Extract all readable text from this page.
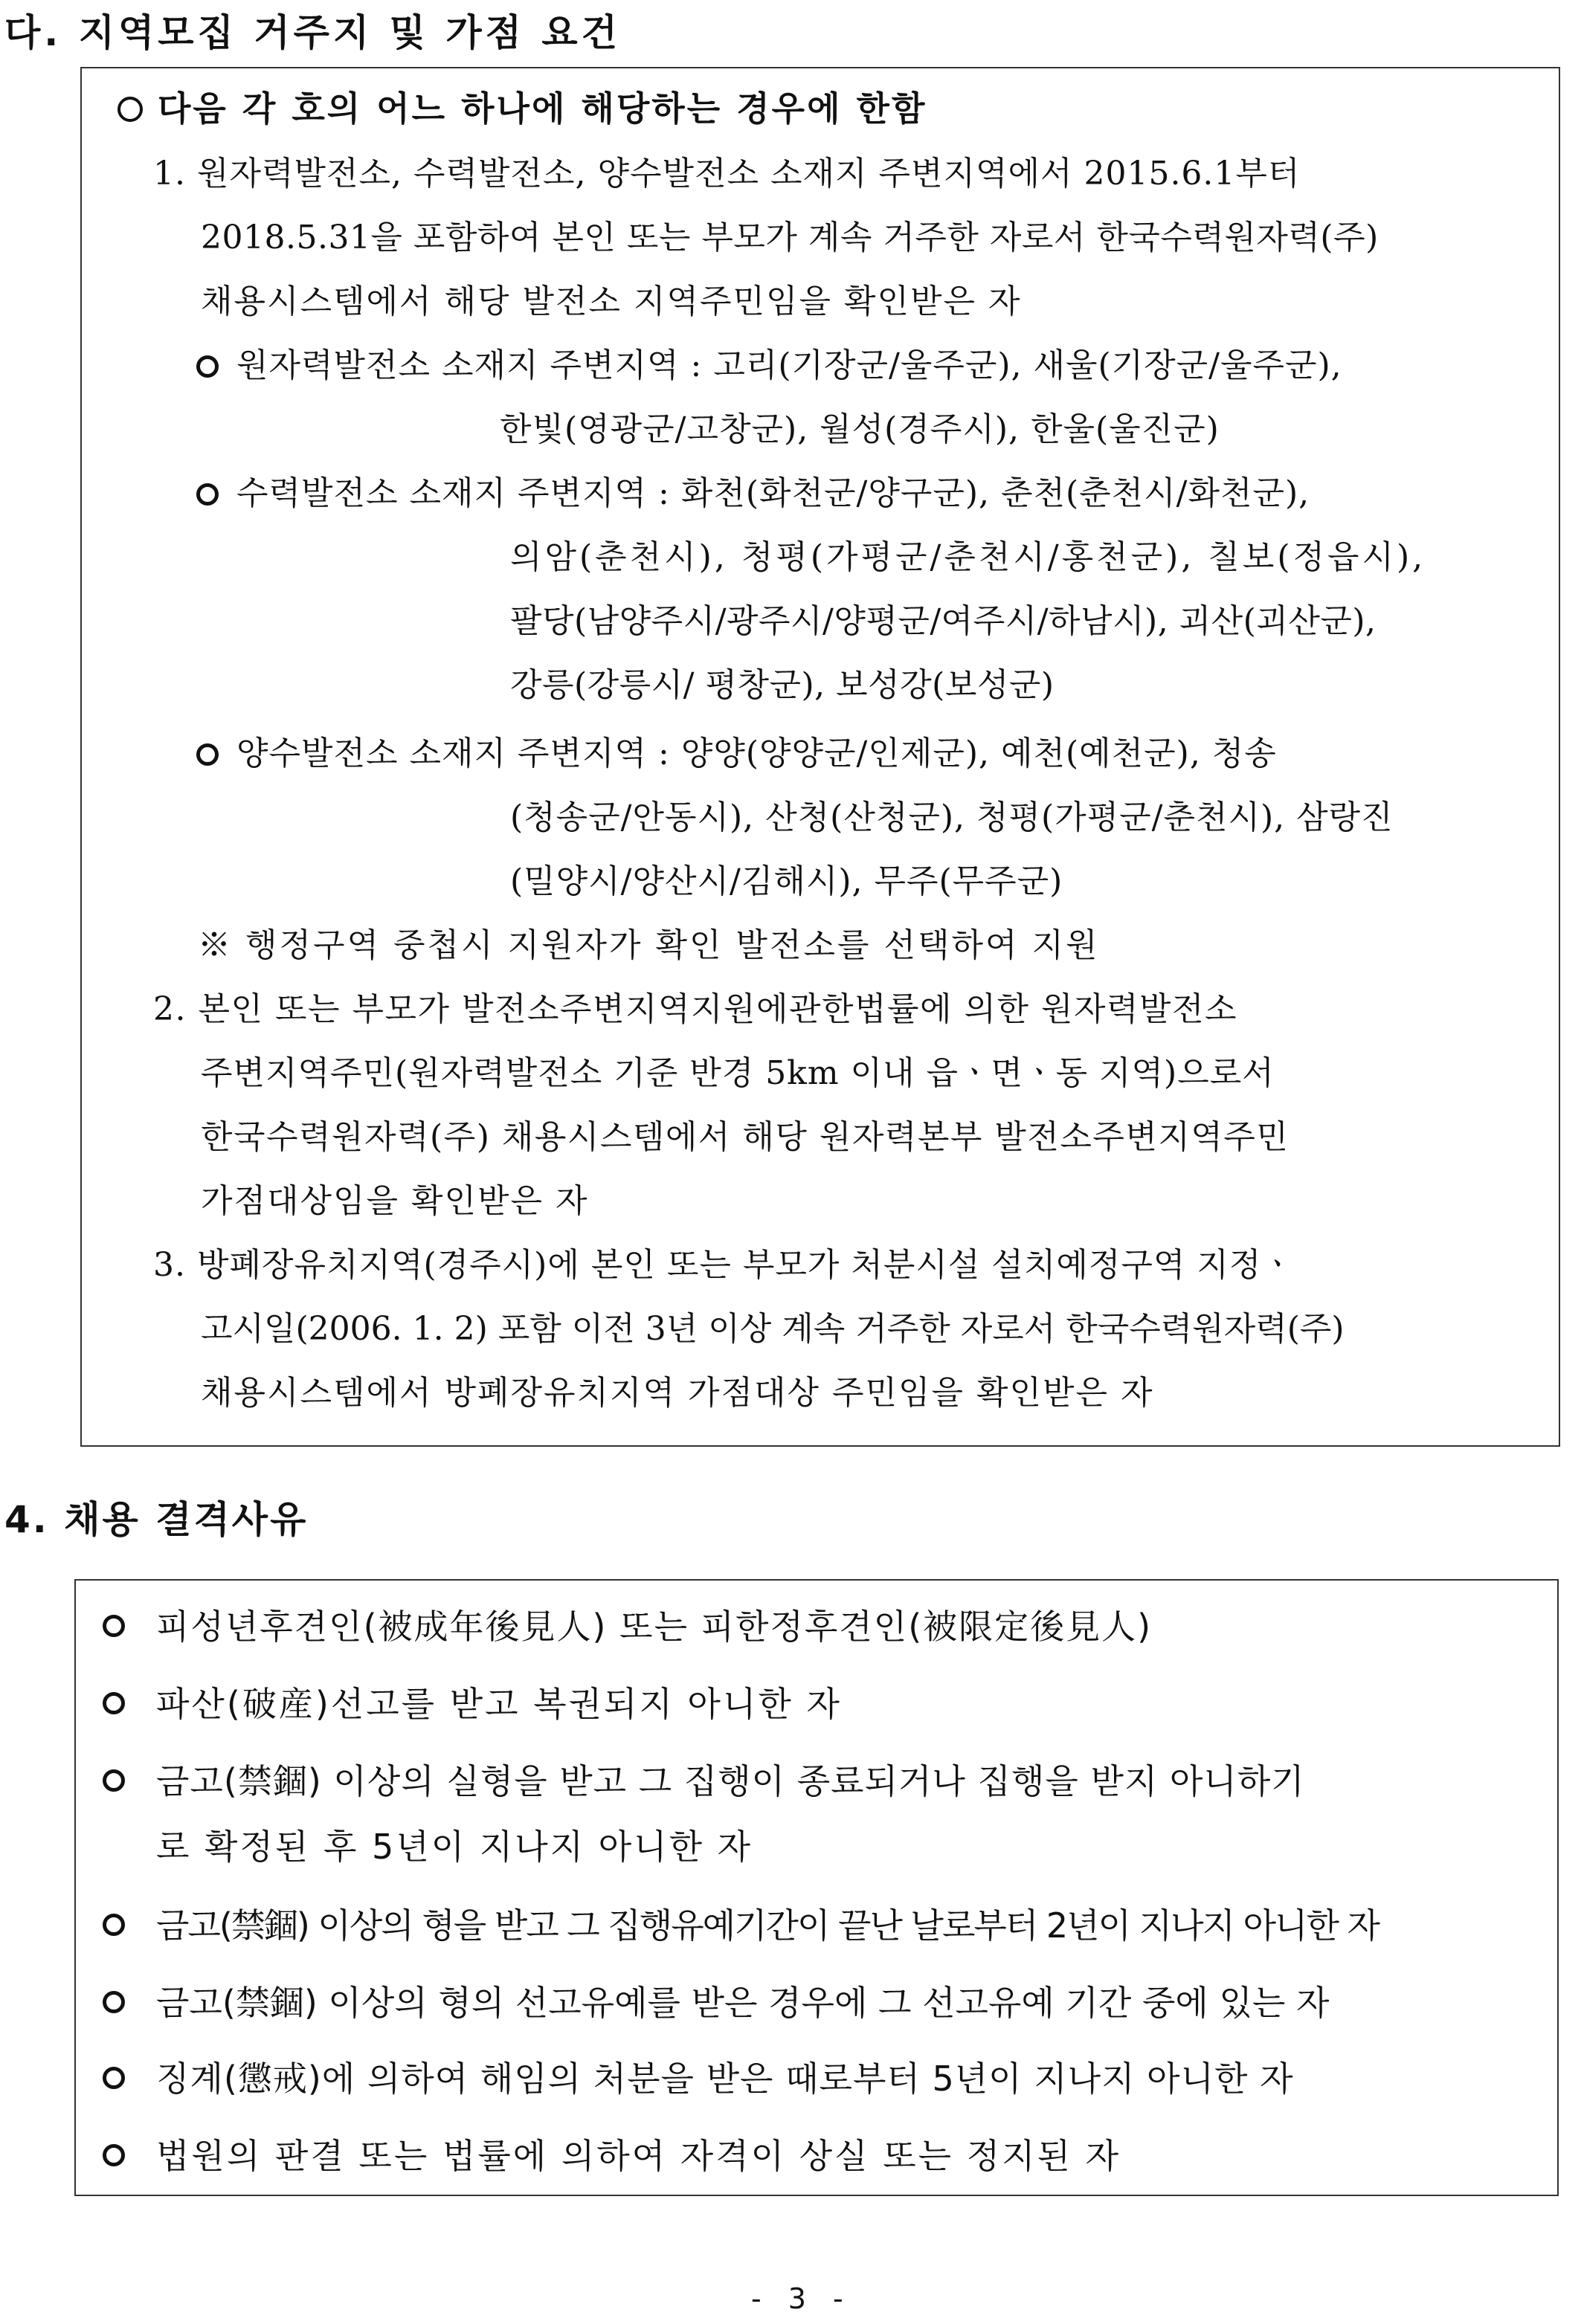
다. 지역모집 거주지 및 가점 요건
다음 각 호의 어느 하나에 해당하는 경우에 한함
1. 원자력발전소, 수력발전소, 양수발전소 소재지 주변지역에서 2015.6.1부터
2018.5.31을 포함하여 본인 또는 부모가 계속 거주한 자로서 한국수력원자력(주)
채용시스템에서 해당 발전소 지역주민임을 확인받은 자
원자력발전소 소재지 주변지역 : 고리(기장군/울주군), 새울(기장군/울주군),
한빛(영광군/고창군), 월성(경주시), 한울(울진군)
수력발전소 소재지 주변지역 : 화천(화천군/양구군), 춘천(춘천시/화천군),
의암(춘천시), 청평(가평군/춘천시/홍천군), 칠보(정읍시),
팔당(남양주시/광주시/양평군/여주시/하남시), 괴산(괴산군),
강릉(강릉시/ 평창군), 보성강(보성군)
양수발전소 소재지 주변지역 : 양양(양양군/인제군), 예천(예천군), 청송
(청송군/안동시), 산청(산청군), 청평(가평군/춘천시), 삼랑진
(밀양시/양산시/김해시), 무주(무주군)
※ 행정구역 중첩시 지원자가 확인 발전소를 선택하여 지원
2. 본인 또는 부모가 발전소주변지역지원에관한법률에 의한 원자력발전소
주변지역주민(원자력발전소 기준 반경 5km 이내 읍ㆍ면ㆍ동 지역)으로서
한국수력원자력(주) 채용시스템에서 해당 원자력본부 발전소주변지역주민
가점대상임을 확인받은 자
3. 방폐장유치지역(경주시)에 본인 또는 부모가 처분시설 설치예정구역 지정ㆍ
고시일(2006. 1. 2) 포함 이전 3년 이상 계속 거주한 자로서 한국수력원자력(주)
채용시스템에서 방폐장유치지역 가점대상 주민임을 확인받은 자
4. 채용 결격사유
피성년후견인(被成年後見人) 또는 피한정후견인(被限定後見人)
파산(破産)선고를 받고 복권되지 아니한 자
금고(禁錮) 이상의 실형을 받고 그 집행이 종료되거나 집행을 받지 아니하기
로 확정된 후 5년이 지나지 아니한 자
금고(禁錮) 이상의 형을 받고 그 집행유예기간이 끝난 날로부터 2년이 지나지 아니한 자
금고(禁錮) 이상의 형의 선고유예를 받은 경우에 그 선고유예 기간 중에 있는 자
징계(懲戒)에 의하여 해임의 처분을 받은 때로부터 5년이 지나지 아니한 자
법원의 판결 또는 법률에 의하여 자격이 상실 또는 정지된 자
- 3 -
